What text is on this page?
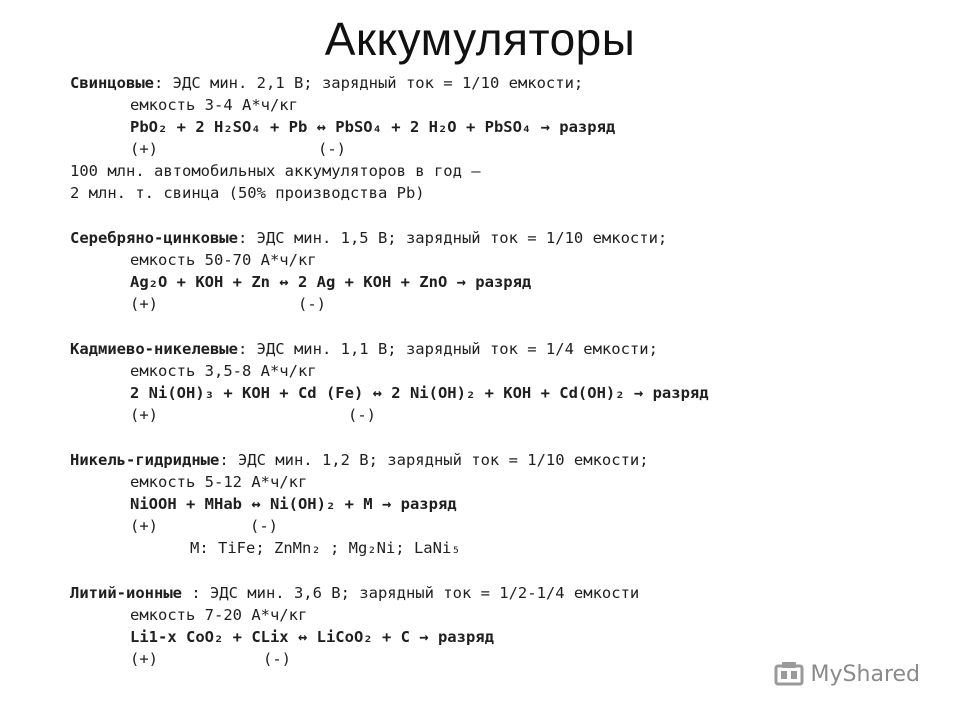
Аккумуляторы
Свинцовые: ЭДС мин. 2,1 В; зарядный ток = 1/10 емкости;
емкость 3-4 А*ч/кг
PbO₂ + 2 H₂SO₄ + Pb ↔ PbSO₄ + 2 H₂O + PbSO₄ → разряд
(+)	(-)
100 млн. автомобильных аккумуляторов в год –
2 млн. т. свинца (50% производства Pb)
Серебряно-цинковые: ЭДС мин. 1,5 В; зарядный ток = 1/10 емкости;
емкость 50-70 А*ч/кг
Ag₂O + KOH + Zn ↔ 2 Ag + KOH + ZnO → разряд
(+)	(-)
Кадмиево-никелевые: ЭДС мин. 1,1 В; зарядный ток = 1/4 емкости;
емкость 3,5-8 А*ч/кг
2 Ni(OH)₃ + KOH + Cd (Fe) ↔ 2 Ni(OH)₂ + KOH + Cd(OH)₂ → разряд
(+)	(-)
Никель-гидридные: ЭДС мин. 1,2 В; зарядный ток = 1/10 емкости;
емкость 5-12 А*ч/кг
NiOOH + MHab ↔ Ni(OH)₂ + M → разряд
(+)	(-)
M: TiFe; ZnMn₂ ; Mg₂Ni; LaNi₅
Литий-ионные : ЭДС мин. 3,6 В; зарядный ток = 1/2-1/4 емкости
емкость 7-20 А*ч/кг
Li1-x CoO₂ + CLix ↔ LiCoO₂ + C → разряд
(+)	(-)
MyShared
